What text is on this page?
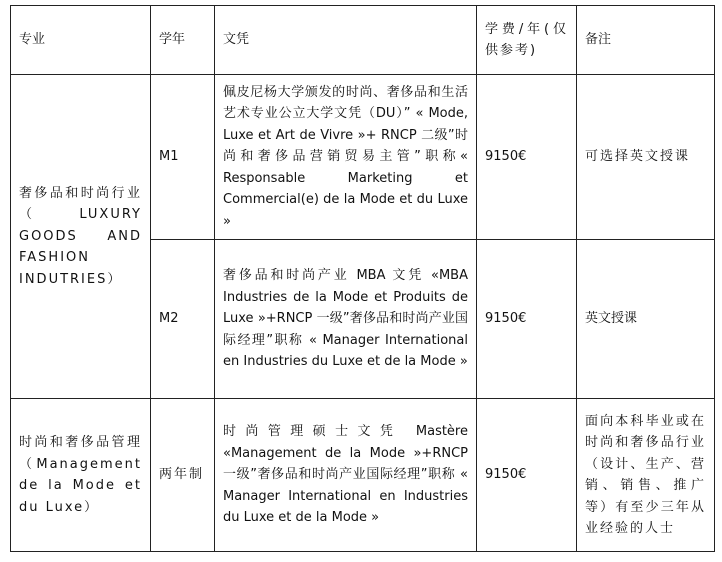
专业	学年	文凭	学费/年(仅供参考)	备注
奢侈品和时尚行业（LUXURY GOODS AND FASHION INDUTRIES）	M1	佩皮尼杨大学颁发的时尚、奢侈品和生活艺术专业公立大学文凭（DU）” « Mode, Luxe et Art de Vivre »+ RNCP 二级”时尚和奢侈品营销贸易主管”职称« Responsable Marketing et Commercial(e) de la Mode et du Luxe »	9150€	可选择英文授课
	M2	奢侈品和时尚产业 MBA 文凭 «MBA Industries de la Mode et Produits de Luxe »+RNCP 一级”奢侈品和时尚产业国际经理”职称 « Manager International en Industries du Luxe et de la Mode »	9150€	英文授课
时尚和奢侈品管理（Management de la Mode et du Luxe）	两年制	时尚管理硕士文凭 Mastère «Management de la Mode »+RNCP 一级”奢侈品和时尚产业国际经理”职称 « Manager International en Industries du Luxe et de la Mode »	9150€	面向本科毕业或在时尚和奢侈品行业（设计、生产、营销、销售、推广等）有至少三年从业经验的人士
